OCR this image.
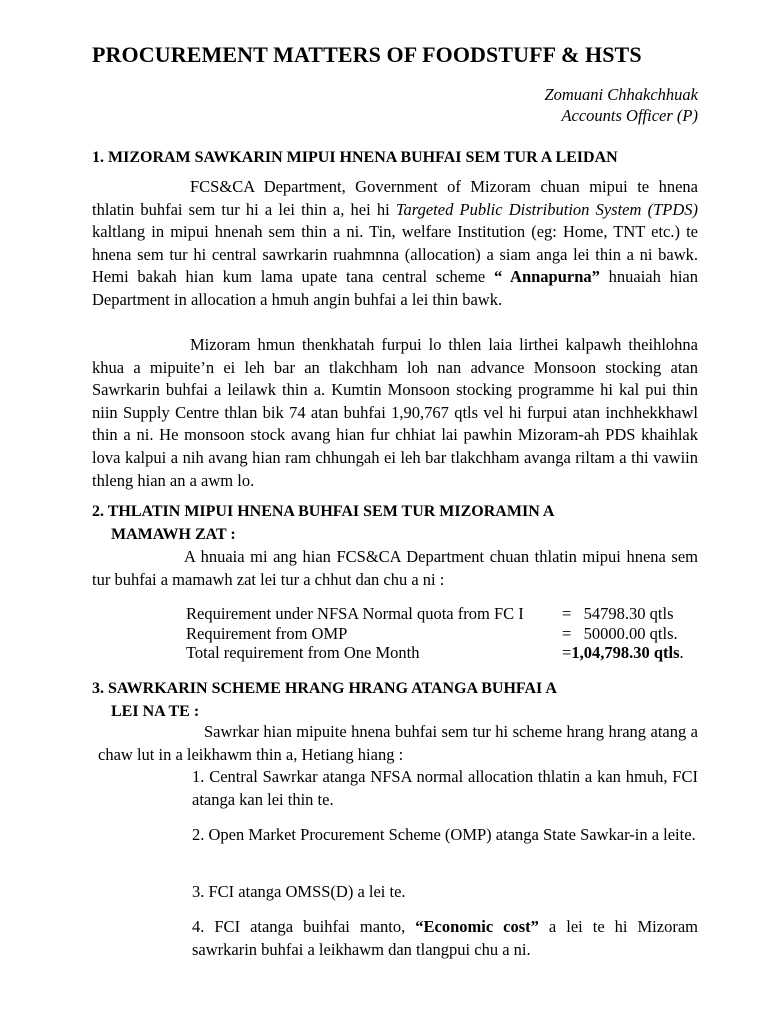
PROCUREMENT MATTERS OF FOODSTUFF & HSTS
Zomuani Chhakchhuak
Accounts Officer (P)
1. MIZORAM SAWKARIN MIPUI HNENA BUHFAI SEM TUR A LEIDAN

FCS&CA Department, Government of Mizoram chuan mipui te hnena thlatin buhfai sem tur hi a lei thin a, hei hi Targeted Public Distribution System (TPDS) kaltlang in mipui hnenah sem thin a ni. Tin, welfare Institution (eg: Home, TNT etc.) te hnena sem tur hi central sawrkarin ruahmnna (allocation) a siam anga lei thin a ni bawk. Hemi bakah hian kum lama upate tana central scheme “ Annapurna” hnuaiah hian Department in allocation a hmuh angin buhfai a lei thin bawk.

Mizoram hmun thenkhatah furpui lo thlen laia lirthei kalpawh theihlohna khua a mipuite’n ei leh bar an tlakchham loh nan advance Monsoon stocking atan Sawrkarin buhfai a leilawk thin a. Kumtin Monsoon stocking programme hi kal pui thin niin Supply Centre thlan bik 74 atan buhfai 1,90,767 qtls vel hi furpui atan inchhekkhawl thin a ni. He monsoon stock avang hian fur chhiat lai pawhin Mizoram-ah PDS khaihlak lova kalpui a nih avang hian ram chhungah ei leh bar tlakchham avanga riltam a thi vawiin thleng hian an a awm lo.

2. THLATIN MIPUI HNENA BUHFAI SEM TUR MIZORAMIN A
MAMAWH ZAT :

A hnuaia mi ang hian FCS&CA Department chuan thlatin mipui hnena sem tur buhfai a mamawh zat lei tur a chhut dan chu a ni :

Requirement under NFSA Normal quota from FC I	=   54798.30 qtls
Requirement from OMP	=   50000.00 qtls.
Total requirement from One Month	=1,04,798.30 qtls.
3. SAWRKARIN SCHEME HRANG HRANG ATANGA BUHFAI A
LEI NA TE :

Sawrkar hian mipuite hnena buhfai sem tur hi scheme hrang hrang atang a chaw lut in a leikhawm thin a, Hetiang hiang :

1. Central Sawrkar atanga NFSA normal allocation thlatin a kan hmuh, FCI atanga kan lei thin te.

2. Open Market Procurement Scheme (OMP) atanga State Sawkar-in a leite.

3. FCI atanga OMSS(D) a lei te.

4. FCI atanga buihfai manto, “Economic cost” a lei te hi Mizoram sawrkarin buhfai a leikhawm dan tlangpui chu a ni.
